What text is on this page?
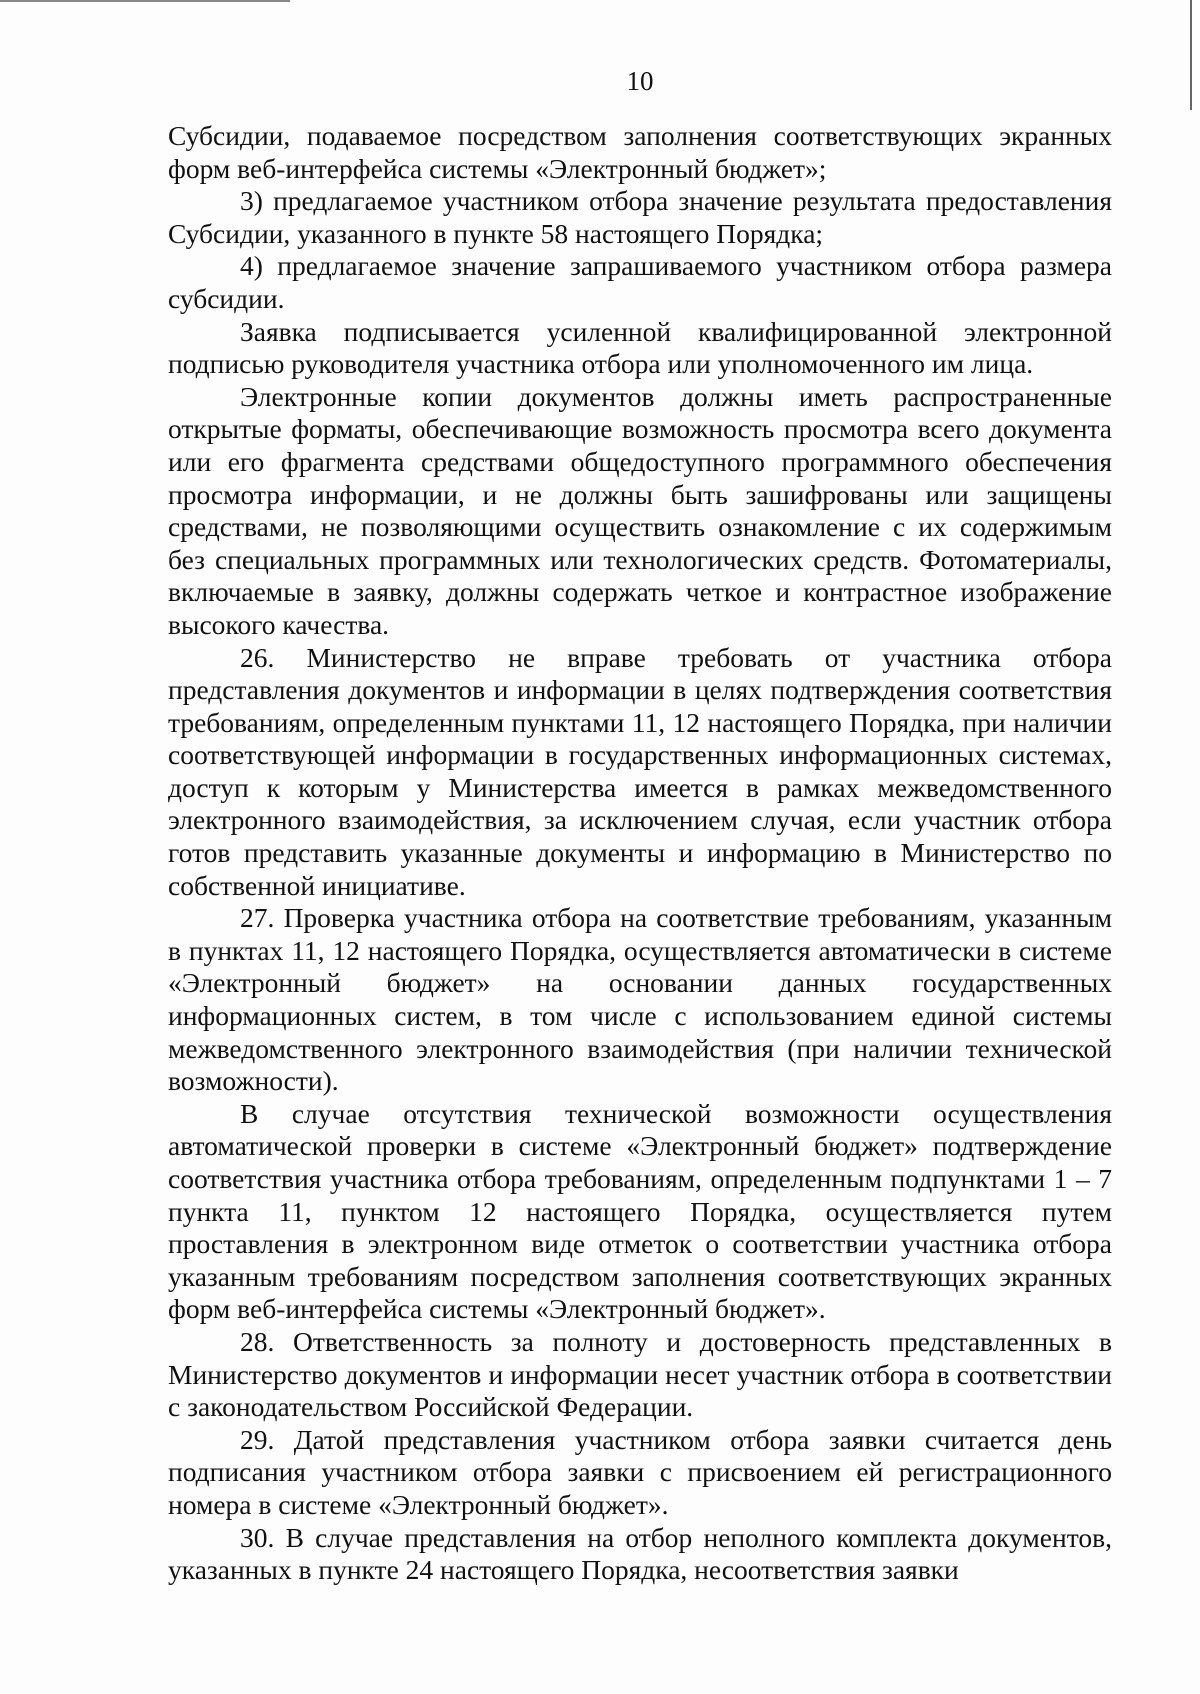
10

Субсидии, подаваемое посредством заполнения соответствующих экранных форм веб-интерфейса системы «Электронный бюджет»;

3) предлагаемое участником отбора значение результата предоставления Субсидии, указанного в пункте 58 настоящего Порядка;

4) предлагаемое значение запрашиваемого участником отбора размера субсидии.

Заявка подписывается усиленной квалифицированной электронной подписью руководителя участника отбора или уполномоченного им лица.

Электронные копии документов должны иметь распространенные открытые форматы, обеспечивающие возможность просмотра всего документа или его фрагмента средствами общедоступного программного обеспечения просмотра информации, и не должны быть зашифрованы или защищены средствами, не позволяющими осуществить ознакомление с их содержимым без специальных программных или технологических средств. Фотоматериалы, включаемые в заявку, должны содержать четкое и контрастное изображение высокого качества.

26. Министерство не вправе требовать от участника отбора представления документов и информации в целях подтверждения соответствия требованиям, определенным пунктами 11, 12 настоящего Порядка, при наличии соответствующей информации в государственных информационных системах, доступ к которым у Министерства имеется в рамках межведомственного электронного взаимодействия, за исключением случая, если участник отбора готов представить указанные документы и информацию в Министерство по собственной инициативе.

27. Проверка участника отбора на соответствие требованиям, указанным в пунктах 11, 12 настоящего Порядка, осуществляется автоматически в системе «Электронный бюджет» на основании данных государственных информационных систем, в том числе с использованием единой системы межведомственного электронного взаимодействия (при наличии технической возможности).

В случае отсутствия технической возможности осуществления автоматической проверки в системе «Электронный бюджет» подтверждение соответствия участника отбора требованиям, определенным подпунктами 1 – 7 пункта 11, пунктом 12 настоящего Порядка, осуществляется путем проставления в электронном виде отметок о соответствии участника отбора указанным требованиям посредством заполнения соответствующих экранных форм веб-интерфейса системы «Электронный бюджет».

28. Ответственность за полноту и достоверность представленных в Министерство документов и информации несет участник отбора в соответствии с законодательством Российской Федерации.

29. Датой представления участником отбора заявки считается день подписания участником отбора заявки с присвоением ей регистрационного номера в системе «Электронный бюджет».

30. В случае представления на отбор неполного комплекта документов, указанных в пункте 24 настоящего Порядка, несоответствия заявки
